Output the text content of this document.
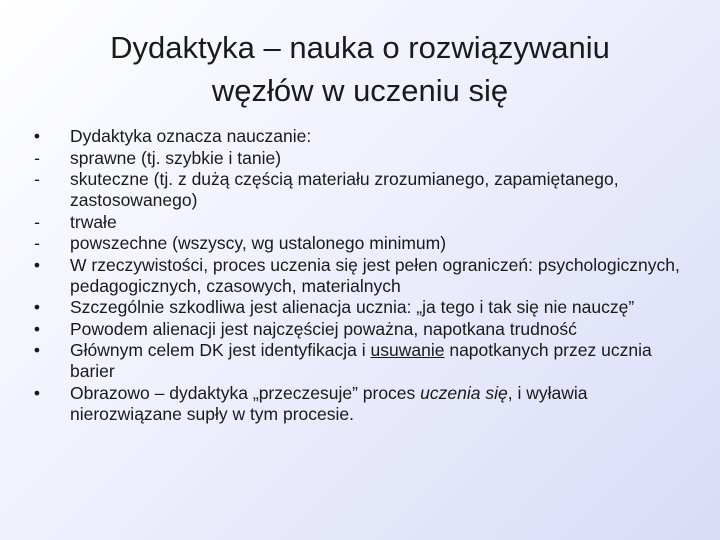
Dydaktyka – nauka o rozwiązywaniu
węzłów w uczeniu się
• Dydaktyka oznacza nauczanie:
- sprawne (tj. szybkie i tanie)
- skuteczne (tj. z dużą częścią materiału zrozumianego, zapamiętanego, zastosowanego)
- trwałe
- powszechne (wszyscy, wg ustalonego minimum)
• W rzeczywistości, proces uczenia się jest pełen ograniczeń: psychologicznych, pedagogicznych, czasowych, materialnych
• Szczególnie szkodliwa jest alienacja ucznia: „ja tego i tak się nie nauczę”
• Powodem alienacji jest najczęściej poważna, napotkana trudność
• Głównym celem DK jest identyfikacja i usuwanie napotkanych przez ucznia barier
• Obrazowo – dydaktyka „przeczesuje” proces uczenia się, i wyławia nierozwiązane supły w tym procesie.
